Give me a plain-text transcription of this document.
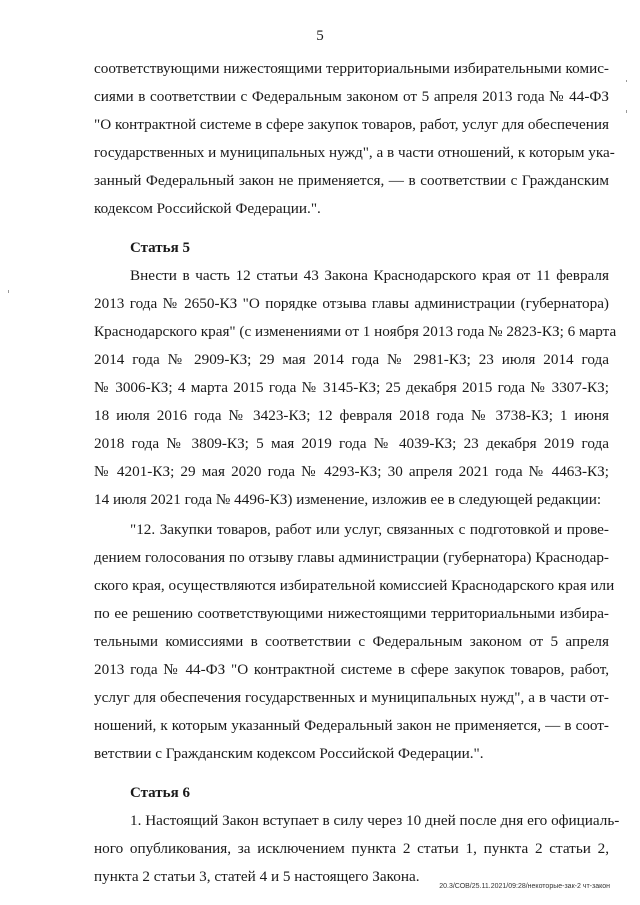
5
соответствующими нижестоящими территориальными избирательными комис-
сиями в соответствии с Федеральным законом от 5 апреля 2013 года № 44-ФЗ
"О контрактной системе в сфере закупок товаров, работ, услуг для обеспечения
государственных и муниципальных нужд", а в части отношений, к которым ука-
занный Федеральный закон не применяется, — в соответствии с Гражданским
кодексом Российской Федерации.".
Статья 5
Внести в часть 12 статьи 43 Закона Краснодарского края от 11 февраля
2013 года № 2650-КЗ "О порядке отзыва главы администрации (губернатора)
Краснодарского края" (с изменениями от 1 ноября 2013 года № 2823-КЗ; 6 марта
2014 года № 2909-КЗ; 29 мая 2014 года № 2981-КЗ; 23 июля 2014 года
№ 3006-КЗ; 4 марта 2015 года № 3145-КЗ; 25 декабря 2015 года № 3307-КЗ;
18 июля 2016 года № 3423-КЗ; 12 февраля 2018 года № 3738-КЗ; 1 июня
2018 года № 3809-КЗ; 5 мая 2019 года № 4039-КЗ; 23 декабря 2019 года
№ 4201-КЗ; 29 мая 2020 года № 4293-КЗ; 30 апреля 2021 года № 4463-КЗ;
14 июля 2021 года № 4496-КЗ) изменение, изложив ее в следующей редакции:
"12. Закупки товаров, работ или услуг, связанных с подготовкой и прове-
дением голосования по отзыву главы администрации (губернатора) Краснодар-
ского края, осуществляются избирательной комиссией Краснодарского края или
по ее решению соответствующими нижестоящими территориальными избира-
тельными комиссиями в соответствии с Федеральным законом от 5 апреля
2013 года № 44-ФЗ "О контрактной системе в сфере закупок товаров, работ,
услуг для обеспечения государственных и муниципальных нужд", а в части от-
ношений, к которым указанный Федеральный закон не применяется, — в соот-
ветствии с Гражданским кодексом Российской Федерации.".
Статья 6
1. Настоящий Закон вступает в силу через 10 дней после дня его официаль-
ного опубликования, за исключением пункта 2 статьи 1, пункта 2 статьи 2,
пункта 2 статьи 3, статей 4 и 5 настоящего Закона.
20.3/СОВ/25.11.2021/09:28/некоторые-зак-2 чт-закон
